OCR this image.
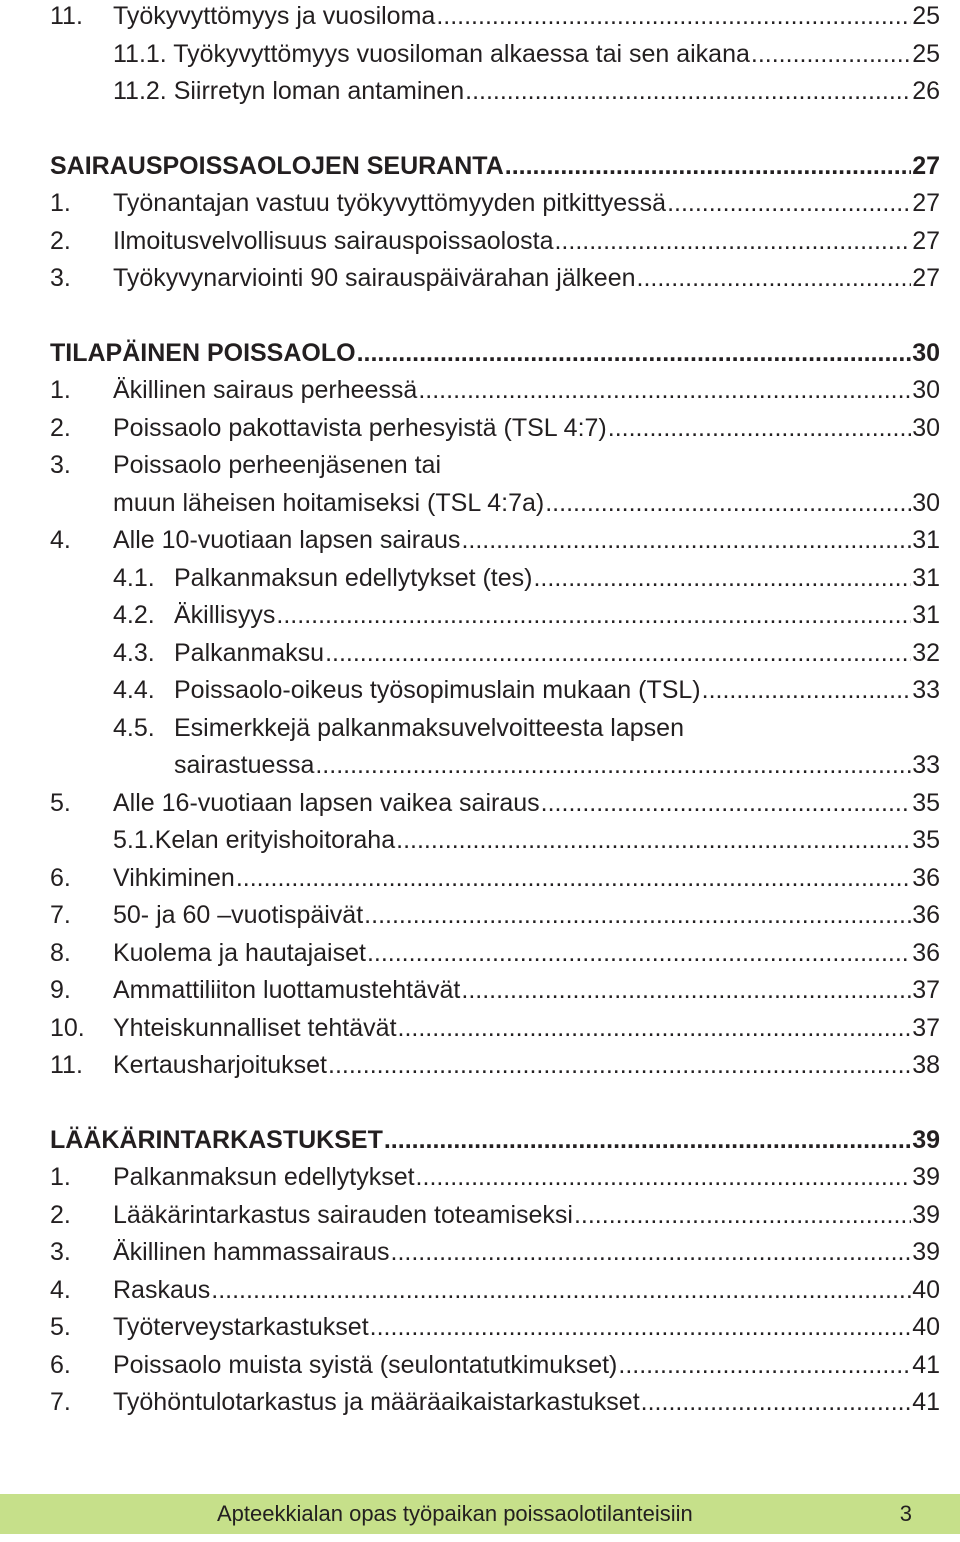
11. Työkyvyttömyys ja vuosiloma .....	25
11.1. Työkyvyttömyys vuosiloman alkaessa tai sen aikana .....	25
11.2. Siirretyn loman antaminen .....	26
SAIRAUSPOISSAOLOJEN SEURANTA .....	27
1. Työnantajan vastuu työkyvyttömyyden pitkittyessä .....	27
2. Ilmoitusvelvollisuus sairauspoissaolosta .....	27
3. Työkyvynarviointi 90 sairauspäivärahan jälkeen .....	27
TILAPÄINEN POISSAOLO .....	30
1. Äkillinen sairaus perheessä .....	30
2. Poissaolo pakottavista perhesyistä (TSL 4:7) .....	30
3. Poissaolo perheenjäsenen tai
muun läheisen hoitamiseksi (TSL 4:7a) .....	30
4. Alle 10-vuotiaan lapsen sairaus .....	31
4.1. Palkanmaksun edellytykset (tes) .....	31
4.2. Äkillisyys .....	31
4.3. Palkanmaksu .....	32
4.4. Poissaolo-oikeus työsopimuslain mukaan (TSL) .....	33
4.5. Esimerkkejä palkanmaksuvelvoitteesta lapsen
sairastuessa .....	33
5. Alle 16-vuotiaan lapsen vaikea sairaus .....	35
5.1.Kelan erityishoitoraha .....	35
6. Vihkiminen .....	36
7. 50- ja 60 –vuotispäivät .....	36
8. Kuolema ja hautajaiset .....	36
9. Ammattiliiton luottamustehtävät .....	37
10. Yhteiskunnalliset tehtävät .....	37
11. Kertausharjoitukset .....	38
LÄÄKÄRINTARKASTUKSET .....	39
1. Palkanmaksun edellytykset .....	39
2. Lääkärintarkastus sairauden toteamiseksi .....	39
3. Äkillinen hammassairaus .....	39
4. Raskaus .....	40
5. Työterveystarkastukset .....	40
6. Poissaolo muista syistä (seulontatutkimukset) .....	41
7. Työhöntulotarkastus ja määräaikaistarkastukset .....	41
Apteekkialan opas työpaikan poissaolotilanteisiin	3
